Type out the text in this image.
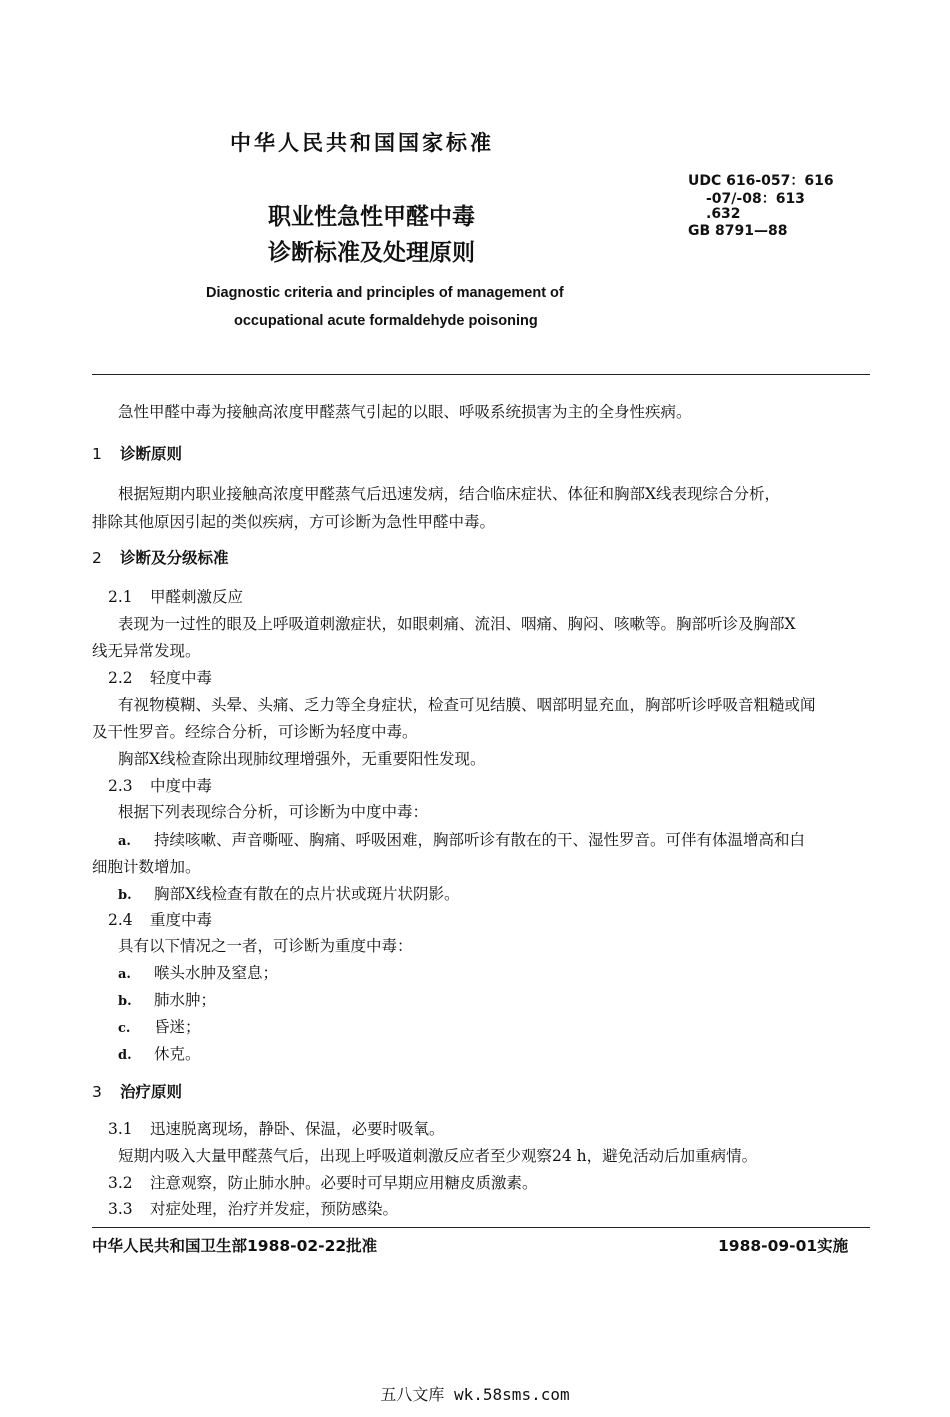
中华人民共和国国家标准
UDC 616-057：616
-07/-08：613
.632
GB 8791—88
职业性急性甲醛中毒
诊断标准及处理原则
Diagnostic criteria and principles of management of
occupational acute formaldehyde poisoning
急性甲醛中毒为接触高浓度甲醛蒸气引起的以眼、呼吸系统损害为主的全身性疾病。
1 诊断原则
根据短期内职业接触高浓度甲醛蒸气后迅速发病，结合临床症状、体征和胸部X线表现综合分析，
排除其他原因引起的类似疾病，方可诊断为急性甲醛中毒。
2 诊断及分级标准
2.1 甲醛刺激反应
表现为一过性的眼及上呼吸道刺激症状，如眼刺痛、流泪、咽痛、胸闷、咳嗽等。胸部听诊及胸部X
线无异常发现。
2.2 轻度中毒
有视物模糊、头晕、头痛、乏力等全身症状，检查可见结膜、咽部明显充血，胸部听诊呼吸音粗糙或闻
及干性罗音。经综合分析，可诊断为轻度中毒。
胸部X线检查除出现肺纹理增强外，无重要阳性发现。
2.3 中度中毒
根据下列表现综合分析，可诊断为中度中毒：
a. 持续咳嗽、声音嘶哑、胸痛、呼吸困难，胸部听诊有散在的干、湿性罗音。可伴有体温增高和白
细胞计数增加。
b. 胸部X线检查有散在的点片状或斑片状阴影。
2.4 重度中毒
具有以下情况之一者，可诊断为重度中毒：
a. 喉头水肿及窒息；
b. 肺水肿；
c. 昏迷；
d. 休克。
3 治疗原则
3.1 迅速脱离现场，静卧、保温，必要时吸氧。
短期内吸入大量甲醛蒸气后，出现上呼吸道刺激反应者至少观察24 h，避免活动后加重病情。
3.2 注意观察，防止肺水肿。必要时可早期应用糖皮质激素。
3.3 对症处理，治疗并发症，预防感染。
中华人民共和国卫生部1988-02-22批准	1988-09-01实施
五八文库 wk.58sms.com
